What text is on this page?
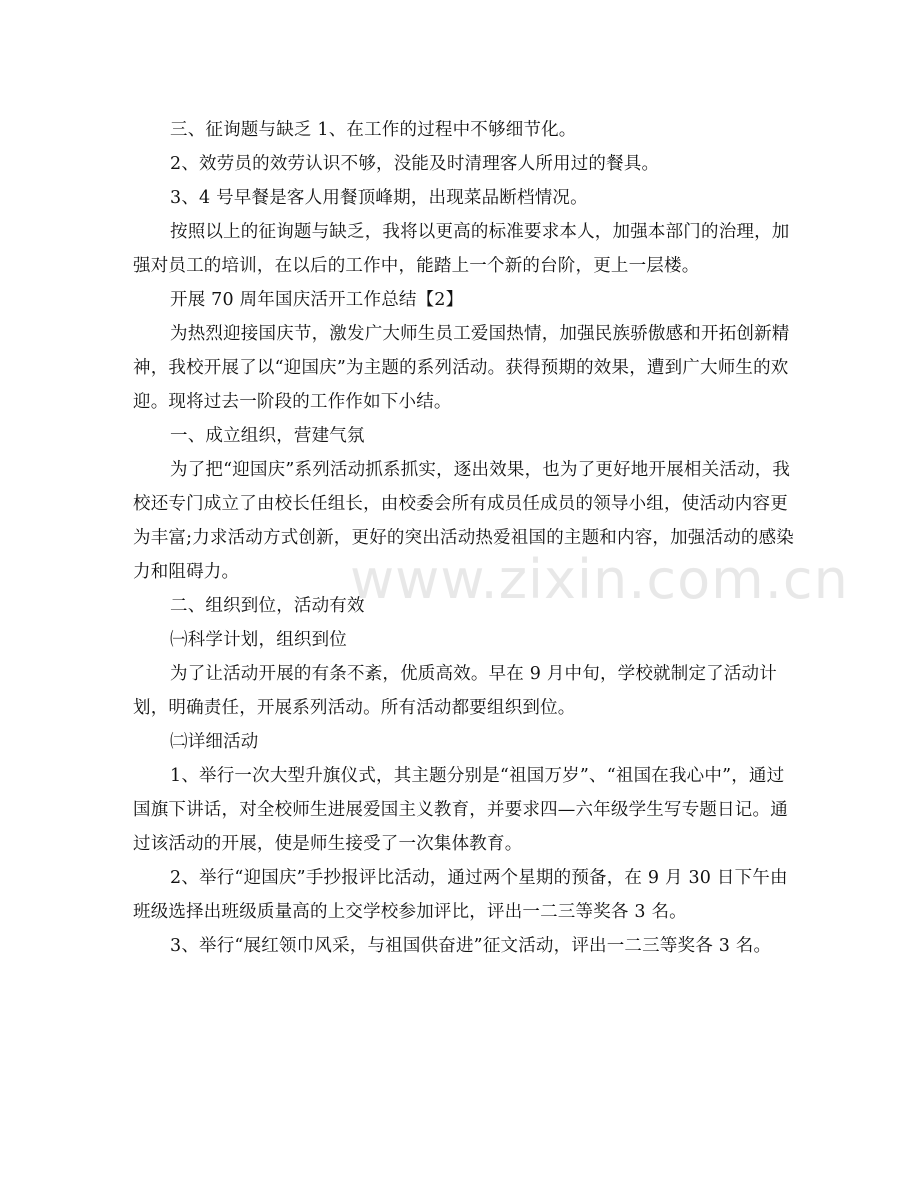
三、征询题与缺乏 1、在工作的过程中不够细节化。

2、效劳员的效劳认识不够，没能及时清理客人所用过的餐具。

3、4 号早餐是客人用餐顶峰期，出现菜品断档情况。

按照以上的征询题与缺乏，我将以更高的标准要求本人，加强本部门的治理，加强对员工的培训，在以后的工作中，能踏上一个新的台阶，更上一层楼。

开展 70 周年国庆活开工作总结【2】

为热烈迎接国庆节，激发广大师生员工爱国热情，加强民族骄傲感和开拓创新精神，我校开展了以“迎国庆”为主题的系列活动。获得预期的效果，遭到广大师生的欢迎。现将过去一阶段的工作作如下小结。

一、成立组织，营建气氛

为了把“迎国庆”系列活动抓系抓实，逐出效果，也为了更好地开展相关活动，我校还专门成立了由校长任组长，由校委会所有成员任成员的领导小组，使活动内容更为丰富;力求活动方式创新，更好的突出活动热爱祖国的主题和内容，加强活动的感染力和阻碍力。

二、组织到位，活动有效

㈠科学计划，组织到位

为了让活动开展的有条不紊，优质高效。早在 9 月中旬，学校就制定了活动计划，明确责任，开展系列活动。所有活动都要组织到位。

㈡详细活动

1、举行一次大型升旗仪式，其主题分别是“祖国万岁”、“祖国在我心中”，通过国旗下讲话，对全校师生进展爱国主义教育，并要求四—六年级学生写专题日记。通过该活动的开展，使是师生接受了一次集体教育。

2、举行“迎国庆”手抄报评比活动，通过两个星期的预备，在 9 月 30 日下午由班级选择出班级质量高的上交学校参加评比，评出一二三等奖各 3 名。

3、举行“展红领巾风采，与祖国供奋进”征文活动，评出一二三等奖各 3 名。

www.zixin.com.cn
